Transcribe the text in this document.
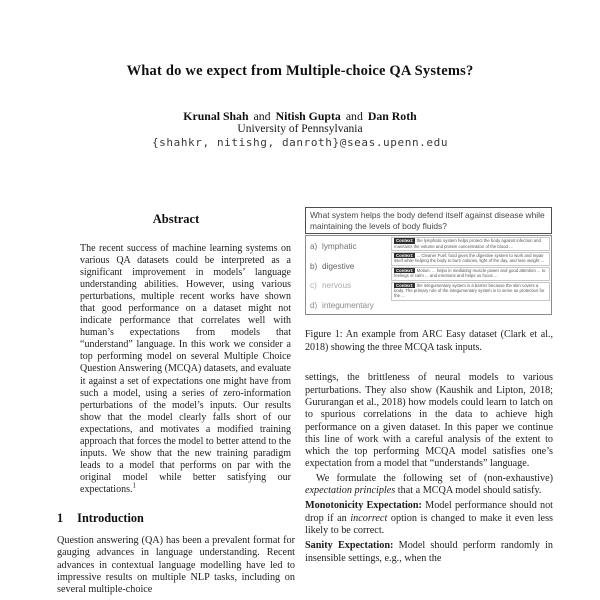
What do we expect from Multiple-choice QA Systems?
Krunal Shah and Nitish Gupta and Dan Roth
University of Pennsylvania
{shahkr, nitishg, danroth}@seas.upenn.edu
Abstract

The recent success of machine learning systems on various QA datasets could be interpreted as a significant improvement in models’ language understanding abilities. However, using various perturbations, multiple recent works have shown that good performance on a dataset might not indicate performance that correlates well with human’s expectations from models that “understand” language. In this work we consider a top performing model on several Multiple Choice Question Answering (MCQA) datasets, and evaluate it against a set of expectations one might have from such a model, using a series of zero-information perturbations of the model’s inputs. Our results show that the model clearly falls short of our expectations, and motivates a modified training approach that forces the model to better attend to the inputs. We show that the new training paradigm leads to a model that performs on par with the original model while better satisfying our expectations.$^1$

1 Introduction

Question answering (QA) has been a prevalent format for gauging advances in language understanding. Recent advances in contextual language modelling have led to impressive results on multiple NLP tasks, including on several multiple-choice

What system helps the body defend itself against disease while maintaining the levels of body fluids?
a) lymphatic
b) digestive
c) nervous
d) integumentary
Context: the lymphatic system helps protect the body against infection and maintains the volume and protein concentration of the blood ...
Context: ... Cleaner Fuel: food gives the digestive system to work and repair itself while helping the body to burn calories, light of the day, and lose weight ...
Context: Motion: ... helps in mediating muscle power and good attention ... to feelings of calm ... and emotions and helps us focus ...
Context: the integumentary system is a barrier because the skin covers a body. The primary role of the integumentary system is to serve as protection for the ...

Figure 1: An example from ARC Easy dataset (Clark et al., 2018) showing the three MCQA task inputs.

settings, the brittleness of neural models to various perturbations. They also show (Kaushik and Lipton, 2018; Gururangan et al., 2018) how models could learn to latch on to spurious correlations in the data to achieve high performance on a given dataset. In this paper we continue this line of work with a careful analysis of the extent to which the top performing MCQA model satisfies one’s expectation from a model that “understands” language.

We formulate the following set of (non-exhaustive) expectation principles that a MCQA model should satisfy.

Monotonicity Expectation: Model performance should not drop if an incorrect option is changed to make it even less likely to be correct.

Sanity Expectation: Model should perform randomly in insensible settings, e.g., when the
